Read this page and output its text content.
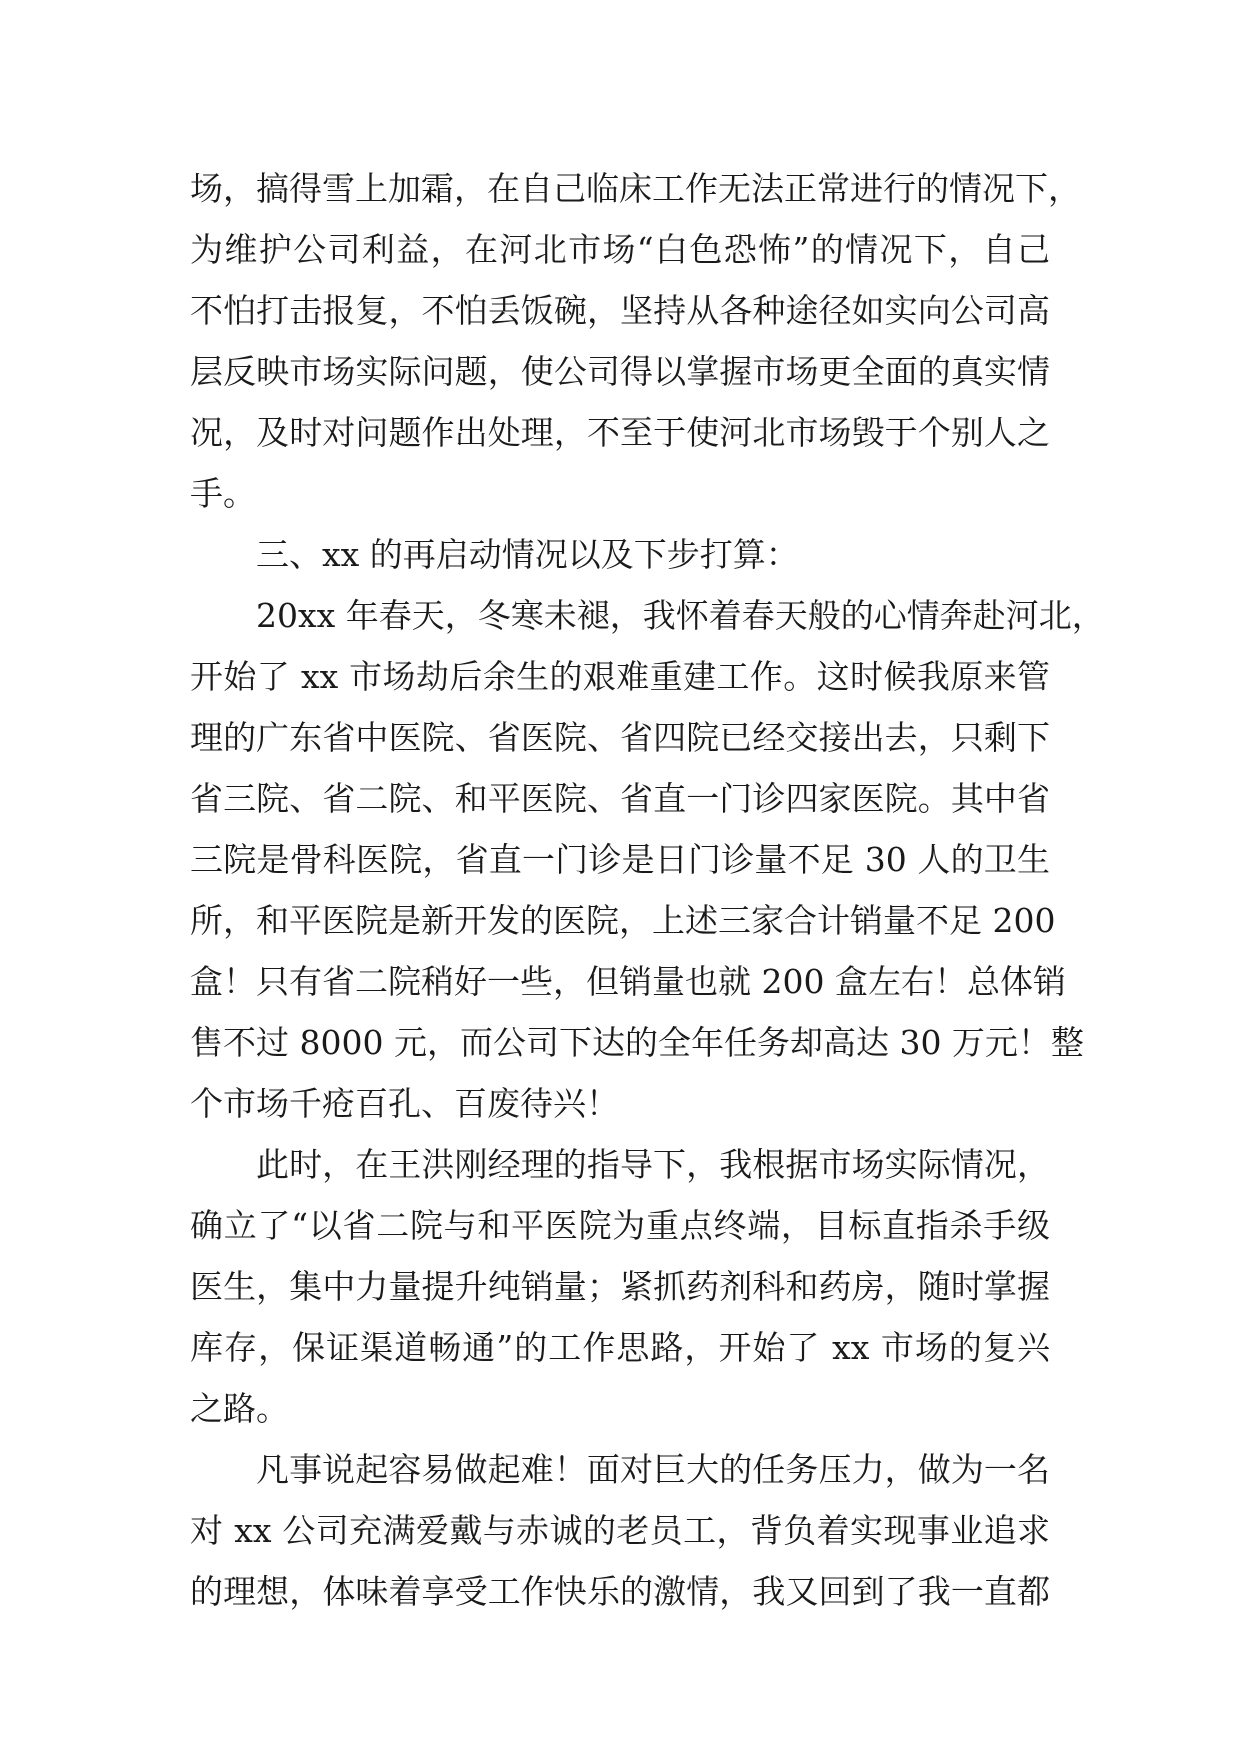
场，搞得雪上加霜，在自己临床工作无法正常进行的情况下，
为维护公司利益，在河北市场“白色恐怖”的情况下，自己
不怕打击报复，不怕丢饭碗，坚持从各种途径如实向公司高
层反映市场实际问题，使公司得以掌握市场更全面的真实情
况，及时对问题作出处理，不至于使河北市场毁于个别人之
手。
三、xx 的再启动情况以及下步打算：
20xx 年春天，冬寒未褪，我怀着春天般的心情奔赴河北，
开始了 xx 市场劫后余生的艰难重建工作。这时候我原来管
理的广东省中医院、省医院、省四院已经交接出去，只剩下
省三院、省二院、和平医院、省直一门诊四家医院。其中省
三院是骨科医院，省直一门诊是日门诊量不足 30 人的卫生
所，和平医院是新开发的医院，上述三家合计销量不足 200
盒！只有省二院稍好一些，但销量也就 200 盒左右！总体销
售不过 8000 元，而公司下达的全年任务却高达 30 万元！整
个市场千疮百孔、百废待兴！
此时，在王洪刚经理的指导下，我根据市场实际情况，
确立了“以省二院与和平医院为重点终端，目标直指杀手级
医生，集中力量提升纯销量；紧抓药剂科和药房，随时掌握
库存，保证渠道畅通”的工作思路，开始了 xx 市场的复兴
之路。
凡事说起容易做起难！面对巨大的任务压力，做为一名
对 xx 公司充满爱戴与赤诚的老员工，背负着实现事业追求
的理想，体味着享受工作快乐的激情，我又回到了我一直都
